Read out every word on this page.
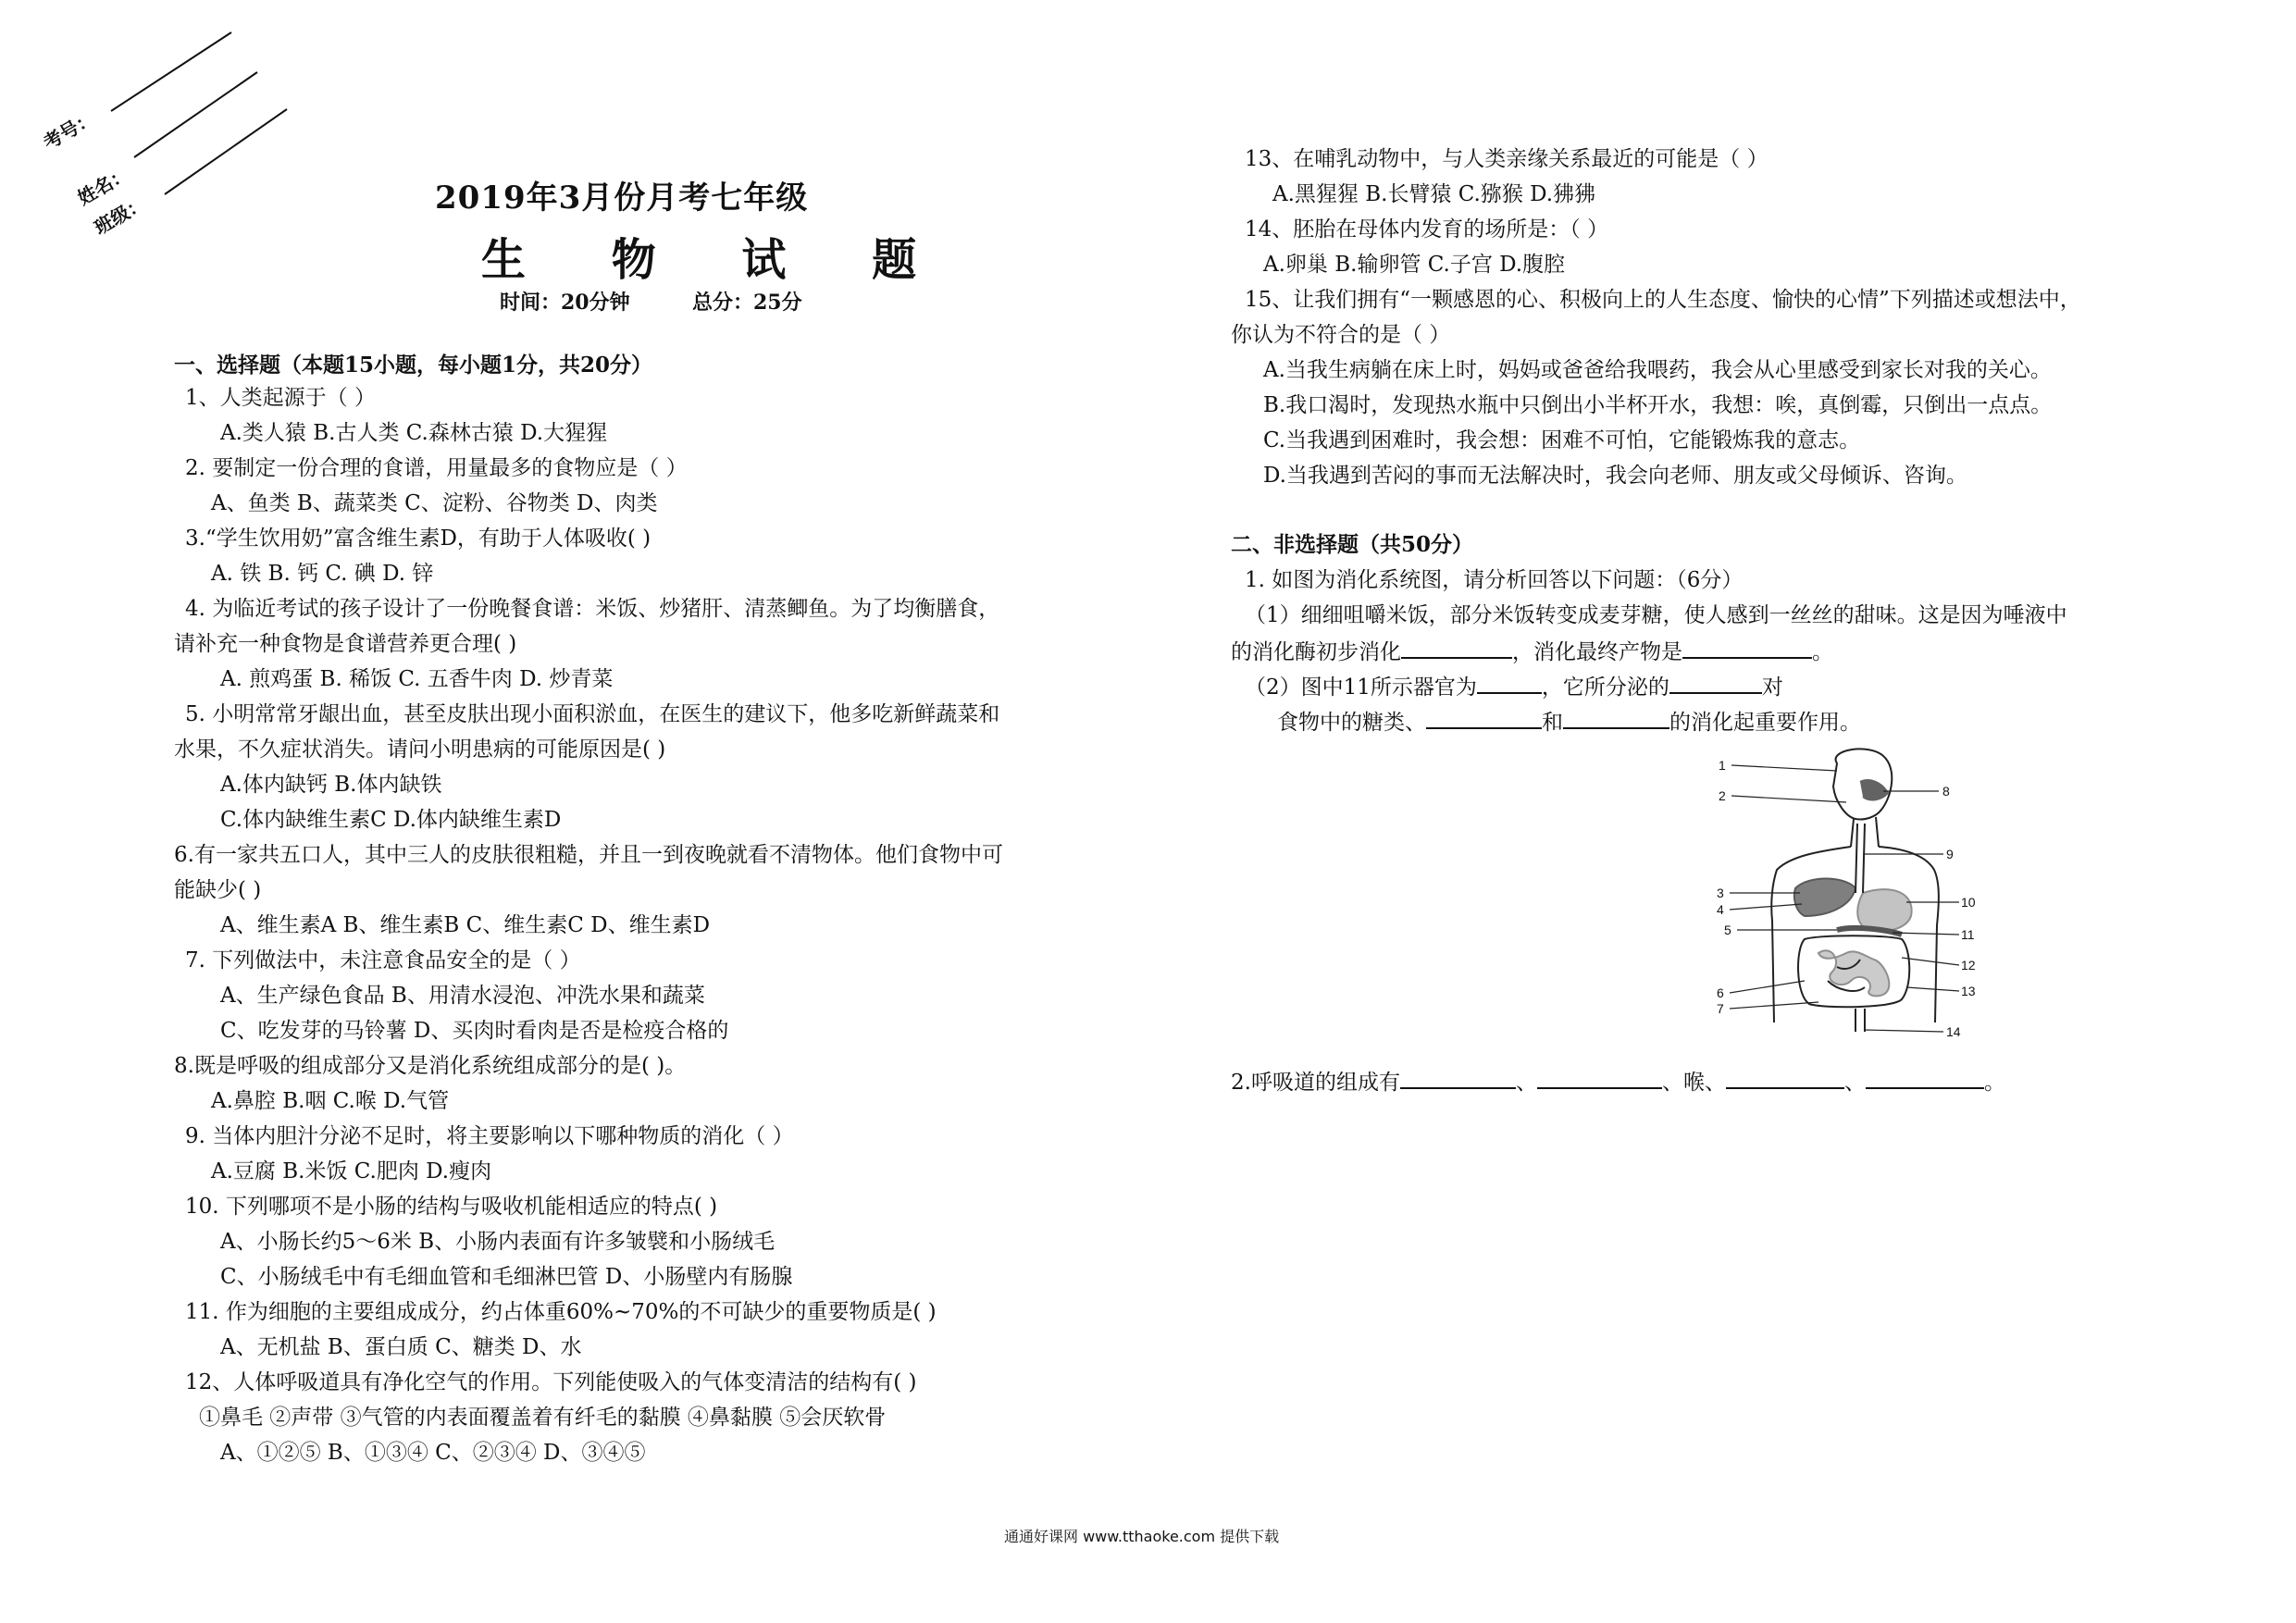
考号：
姓名：
班级：	2019年3月份月考七年级
生 物 试 题
时间：20分钟	总分：25分
一、选择题（本题15小题，每小题1分，共20分）
1、人类起源于（ ）
A.类人猿 B.古人类 C.森林古猿 D.大猩猩
2. 要制定一份合理的食谱，用量最多的食物应是（ ）
A、鱼类 B、蔬菜类 C、淀粉、谷物类 D、肉类
3.“学生饮用奶”富含维生素D，有助于人体吸收( )
A. 铁 B. 钙 C. 碘 D. 锌
4. 为临近考试的孩子设计了一份晚餐食谱：米饭、炒猪肝、清蒸鲫鱼。为了均衡膳食，
请补充一种食物是食谱营养更合理( )
A. 煎鸡蛋 B. 稀饭 C. 五香牛肉 D. 炒青菜
5. 小明常常牙龈出血，甚至皮肤出现小面积淤血，在医生的建议下，他多吃新鲜蔬菜和
水果，不久症状消失。请问小明患病的可能原因是( )
A.体内缺钙 B.体内缺铁
C.体内缺维生素C D.体内缺维生素D
6.有一家共五口人，其中三人的皮肤很粗糙，并且一到夜晚就看不清物体。他们食物中可
能缺少( )
A、维生素A B、维生素B C、维生素C D、维生素D
7. 下列做法中，未注意食品安全的是（ ）
A、生产绿色食品 B、用清水浸泡、冲洗水果和蔬菜
C、吃发芽的马铃薯 D、买肉时看肉是否是检疫合格的
8.既是呼吸的组成部分又是消化系统组成部分的是( )。
A.鼻腔 B.咽 C.喉 D.气管
9. 当体内胆汁分泌不足时，将主要影响以下哪种物质的消化（ ）
A.豆腐 B.米饭 C.肥肉 D.瘦肉
10. 下列哪项不是小肠的结构与吸收机能相适应的特点( )
A、小肠长约5～6米 B、小肠内表面有许多皱襞和小肠绒毛
C、小肠绒毛中有毛细血管和毛细淋巴管 D、小肠壁内有肠腺
11. 作为细胞的主要组成成分，约占体重60%~70%的不可缺少的重要物质是( )
A、无机盐 B、蛋白质 C、糖类 D、水
12、人体呼吸道具有净化空气的作用。下列能使吸入的气体变清洁的结构有( )
①鼻毛 ②声带 ③气管的内表面覆盖着有纤毛的黏膜 ④鼻黏膜 ⑤会厌软骨
A、①②⑤ B、①③④ C、②③④ D、③④⑤
13、在哺乳动物中，与人类亲缘关系最近的可能是（ ）
A.黑猩猩 B.长臂猿 C.猕猴 D.狒狒
14、胚胎在母体内发育的场所是：（ ）
A.卵巢 B.输卵管 C.子宫 D.腹腔
15、让我们拥有“一颗感恩的心、积极向上的人生态度、愉快的心情”下列描述或想法中，
你认为不符合的是（ ）
A.当我生病躺在床上时，妈妈或爸爸给我喂药，我会从心里感受到家长对我的关心。
B.我口渴时，发现热水瓶中只倒出小半杯开水，我想：唉，真倒霉，只倒出一点点。
C.当我遇到困难时，我会想：困难不可怕，它能锻炼我的意志。
D.当我遇到苦闷的事而无法解决时，我会向老师、朋友或父母倾诉、咨询。
二、非选择题（共50分）
1. 如图为消化系统图，请分析回答以下问题：（6分）
（1）细细咀嚼米饭，部分米饭转变成麦芽糖，使人感到一丝丝的甜味。这是因为唾液中
的消化酶初步消化	，消化最终产物是	。
（2）图中11所示器官为	，它所分泌的	对
食物中的糖类、	和	的消化起重要作用。
1
2
3
4
5
6
7
8
9
10
11
12
13
14
2.呼吸道的组成有	、	、喉、	、	。
通通好课网 www.tthaoke.com 提供下载
